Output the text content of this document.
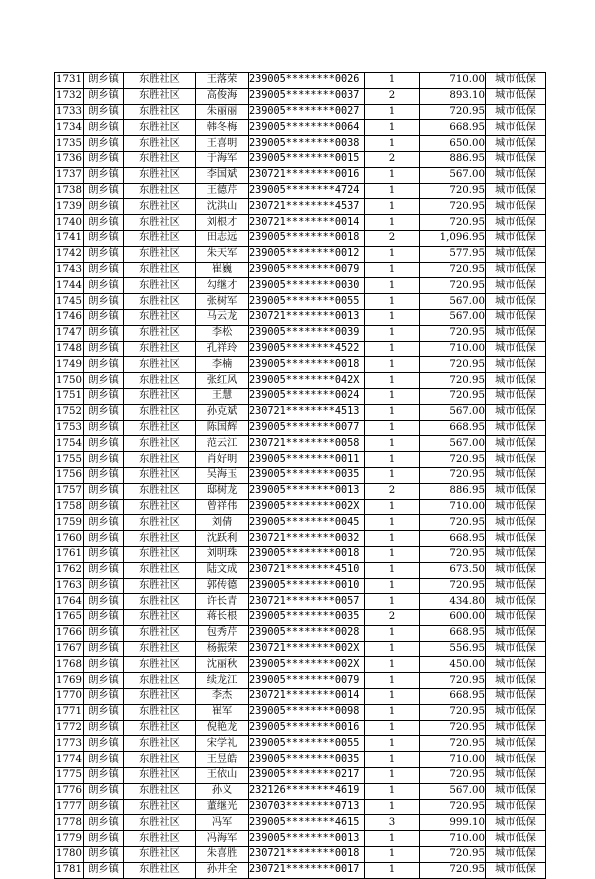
1731	朗乡镇	东胜社区	王落荣	239005********0026	1	710.00	城市低保
1732	朗乡镇	东胜社区	高俊海	239005********0037	2	893.10	城市低保
1733	朗乡镇	东胜社区	朱丽丽	239005********0027	1	720.95	城市低保
1734	朗乡镇	东胜社区	韩冬梅	239005********0064	1	668.95	城市低保
1735	朗乡镇	东胜社区	王喜明	239005********0038	1	650.00	城市低保
1736	朗乡镇	东胜社区	于海军	239005********0015	2	886.95	城市低保
1737	朗乡镇	东胜社区	李国斌	230721********0016	1	567.00	城市低保
1738	朗乡镇	东胜社区	王德芹	239005********4724	1	720.95	城市低保
1739	朗乡镇	东胜社区	沈洪山	230721********4537	1	720.95	城市低保
1740	朗乡镇	东胜社区	刘根才	230721********0014	1	720.95	城市低保
1741	朗乡镇	东胜社区	田志远	239005********0018	2	1,096.95	城市低保
1742	朗乡镇	东胜社区	朱天军	239005********0012	1	577.95	城市低保
1743	朗乡镇	东胜社区	崔巍	239005********0079	1	720.95	城市低保
1744	朗乡镇	东胜社区	勾继才	239005********0030	1	720.95	城市低保
1745	朗乡镇	东胜社区	张树军	239005********0055	1	567.00	城市低保
1746	朗乡镇	东胜社区	马云龙	230721********0013	1	567.00	城市低保
1747	朗乡镇	东胜社区	李松	239005********0039	1	720.95	城市低保
1748	朗乡镇	东胜社区	孔祥玲	239005********4522	1	710.00	城市低保
1749	朗乡镇	东胜社区	李楠	239005********0018	1	720.95	城市低保
1750	朗乡镇	东胜社区	张红风	239005********042X	1	720.95	城市低保
1751	朗乡镇	东胜社区	王慧	239005********0024	1	720.95	城市低保
1752	朗乡镇	东胜社区	孙克斌	230721********4513	1	567.00	城市低保
1753	朗乡镇	东胜社区	陈国辉	239005********0077	1	668.95	城市低保
1754	朗乡镇	东胜社区	范云江	230721********0058	1	567.00	城市低保
1755	朗乡镇	东胜社区	肖好明	239005********0011	1	720.95	城市低保
1756	朗乡镇	东胜社区	吴海玉	239005********0035	1	720.95	城市低保
1757	朗乡镇	东胜社区	邸树龙	239005********0013	2	886.95	城市低保
1758	朗乡镇	东胜社区	曾祥伟	239005********002X	1	710.00	城市低保
1759	朗乡镇	东胜社区	刘倩	239005********0045	1	720.95	城市低保
1760	朗乡镇	东胜社区	沈跃利	230721********0032	1	668.95	城市低保
1761	朗乡镇	东胜社区	刘明珠	239005********0018	1	720.95	城市低保
1762	朗乡镇	东胜社区	陆文成	230721********4510	1	673.50	城市低保
1763	朗乡镇	东胜社区	郭传德	239005********0010	1	720.95	城市低保
1764	朗乡镇	东胜社区	许长青	230721********0057	1	434.80	城市低保
1765	朗乡镇	东胜社区	蒋长根	239005********0035	2	600.00	城市低保
1766	朗乡镇	东胜社区	包秀芹	239005********0028	1	668.95	城市低保
1767	朗乡镇	东胜社区	杨振荣	230721********002X	1	556.95	城市低保
1768	朗乡镇	东胜社区	沈丽秋	239005********002X	1	450.00	城市低保
1769	朗乡镇	东胜社区	续龙江	239005********0079	1	720.95	城市低保
1770	朗乡镇	东胜社区	李杰	230721********0014	1	668.95	城市低保
1771	朗乡镇	东胜社区	崔军	239005********0098	1	720.95	城市低保
1772	朗乡镇	东胜社区	倪艳龙	239005********0016	1	720.95	城市低保
1773	朗乡镇	东胜社区	宋学礼	239005********0055	1	720.95	城市低保
1774	朗乡镇	东胜社区	王昱皓	239005********0035	1	710.00	城市低保
1775	朗乡镇	东胜社区	王依山	239005********0217	1	720.95	城市低保
1776	朗乡镇	东胜社区	孙义	232126********4619	1	567.00	城市低保
1777	朗乡镇	东胜社区	董继光	230703********0713	1	720.95	城市低保
1778	朗乡镇	东胜社区	冯军	239005********4615	3	999.10	城市低保
1779	朗乡镇	东胜社区	冯海军	239005********0013	1	710.00	城市低保
1780	朗乡镇	东胜社区	朱喜胜	230721********0018	1	720.95	城市低保
1781	朗乡镇	东胜社区	孙井全	230721********0017	1	720.95	城市低保
